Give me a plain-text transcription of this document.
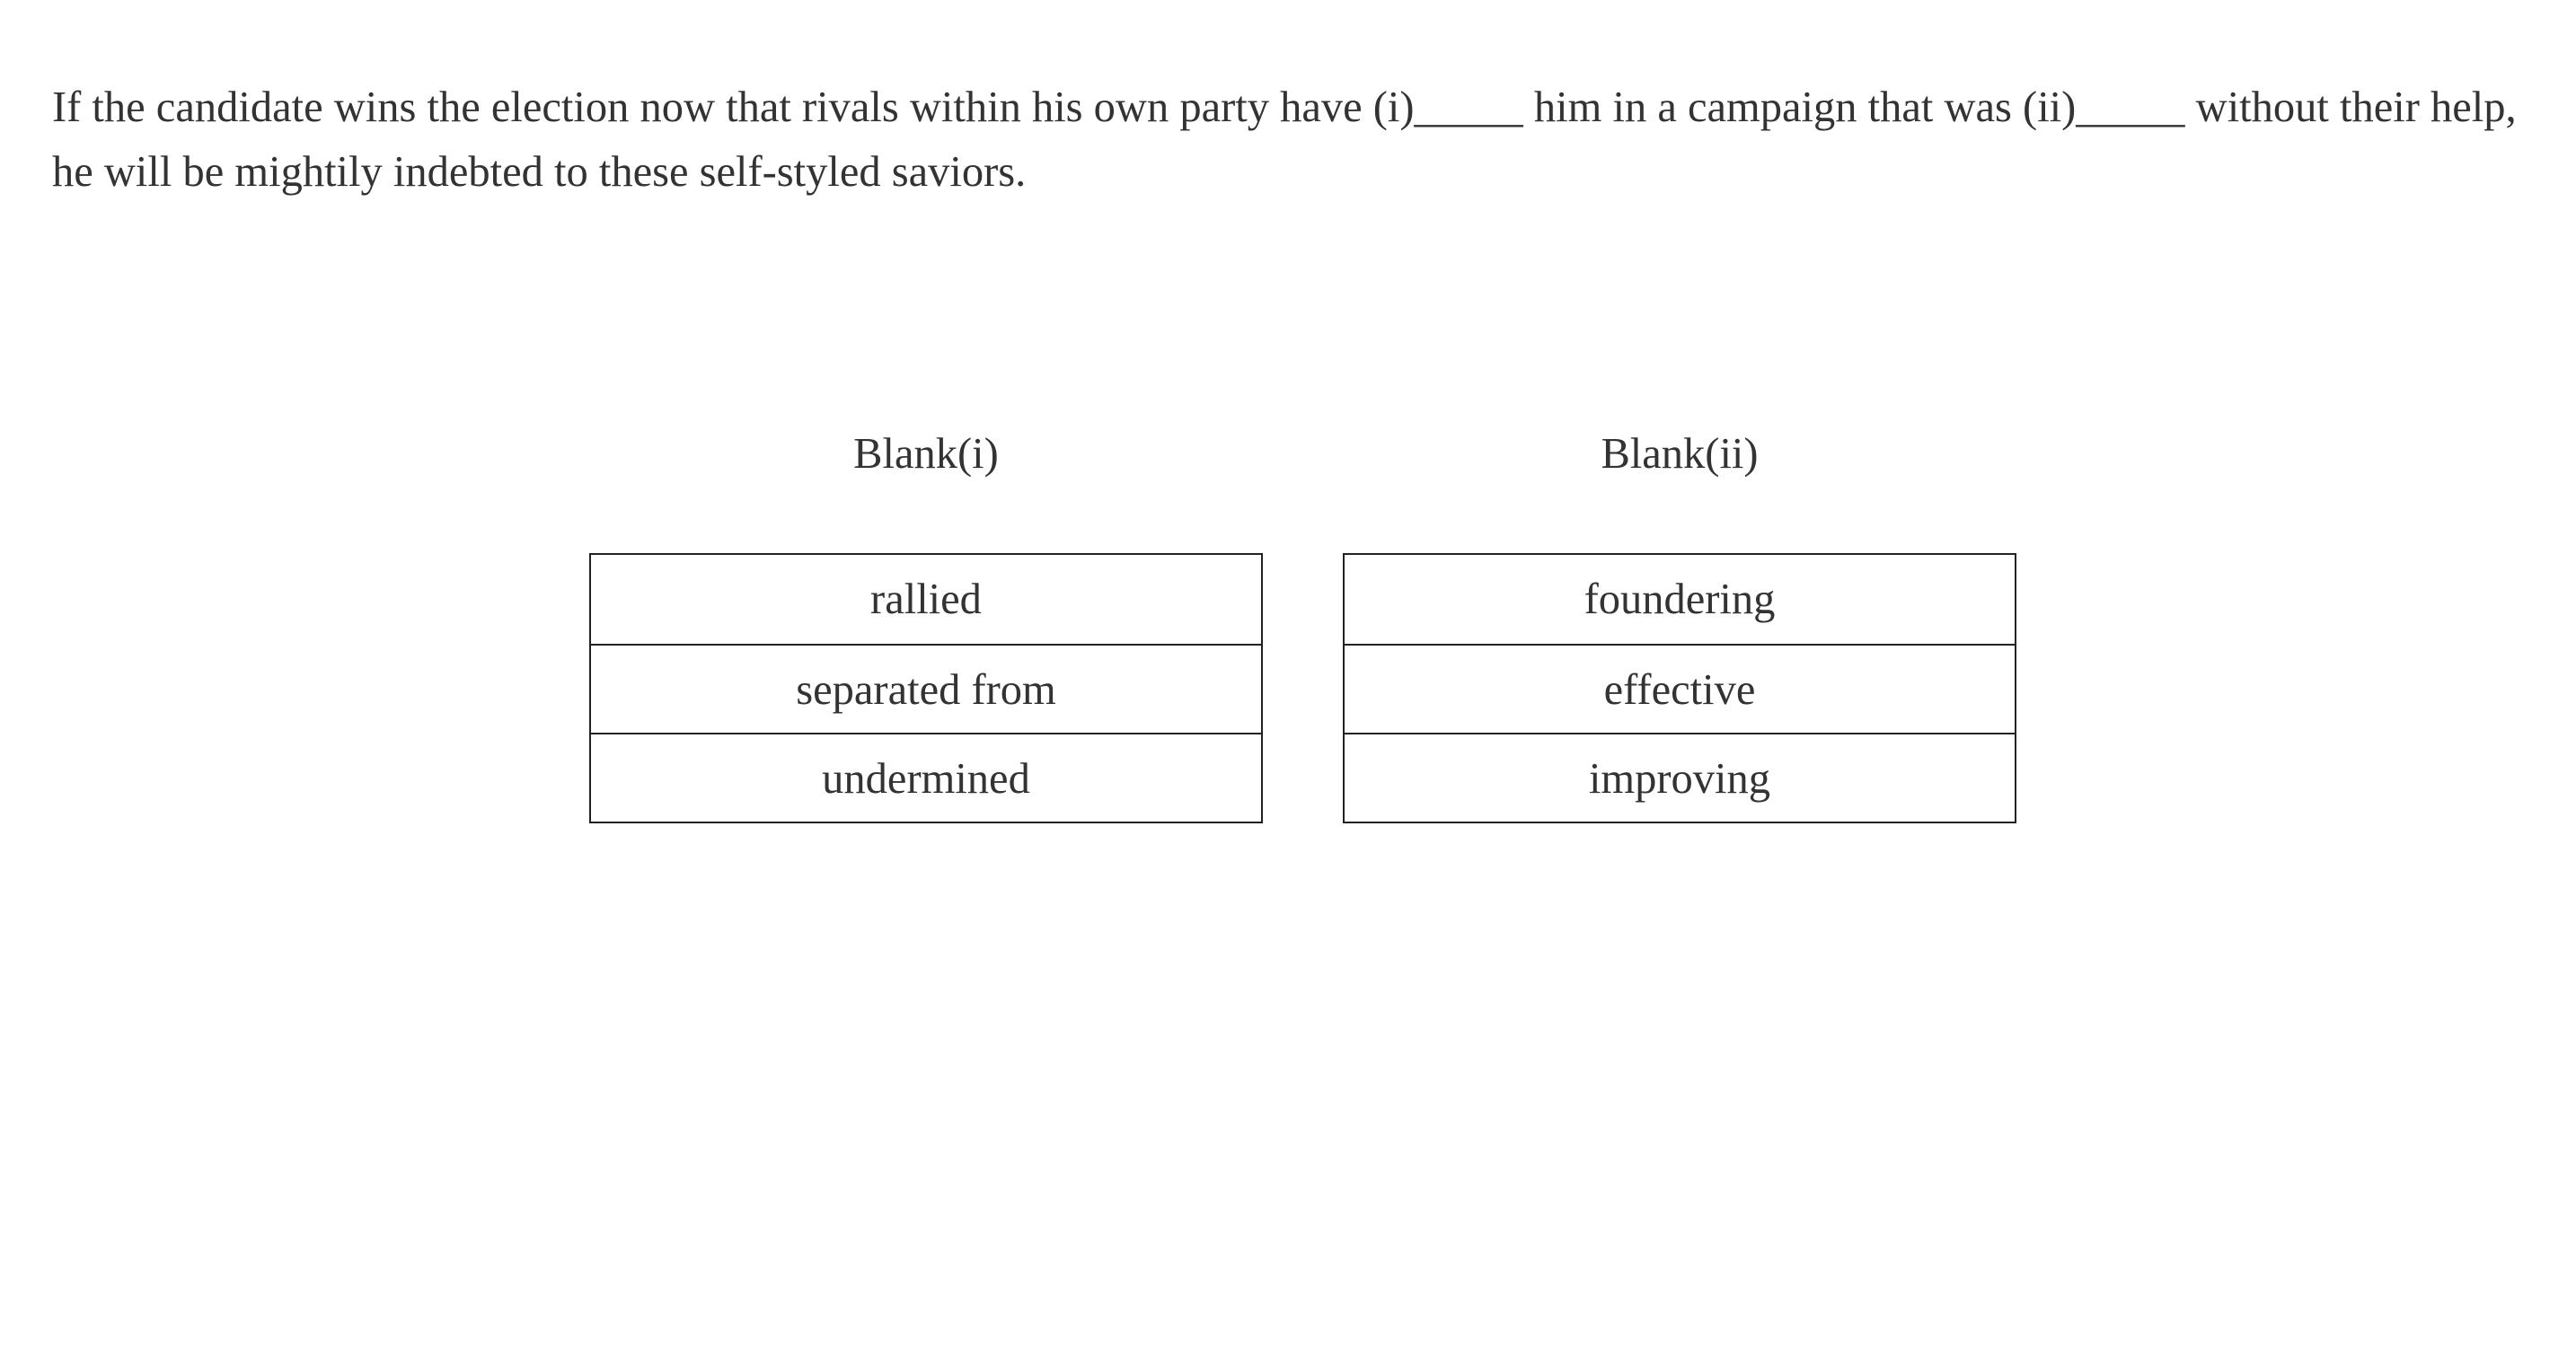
If the candidate wins the election now that rivals within his own party have (i)_____ him in a campaign that was (ii)_____ without their help, he will be mightily indebted to these self-styled saviors.

Blank(i)
rallied
separated from
undermined
Blank(ii)
foundering
effective
improving
